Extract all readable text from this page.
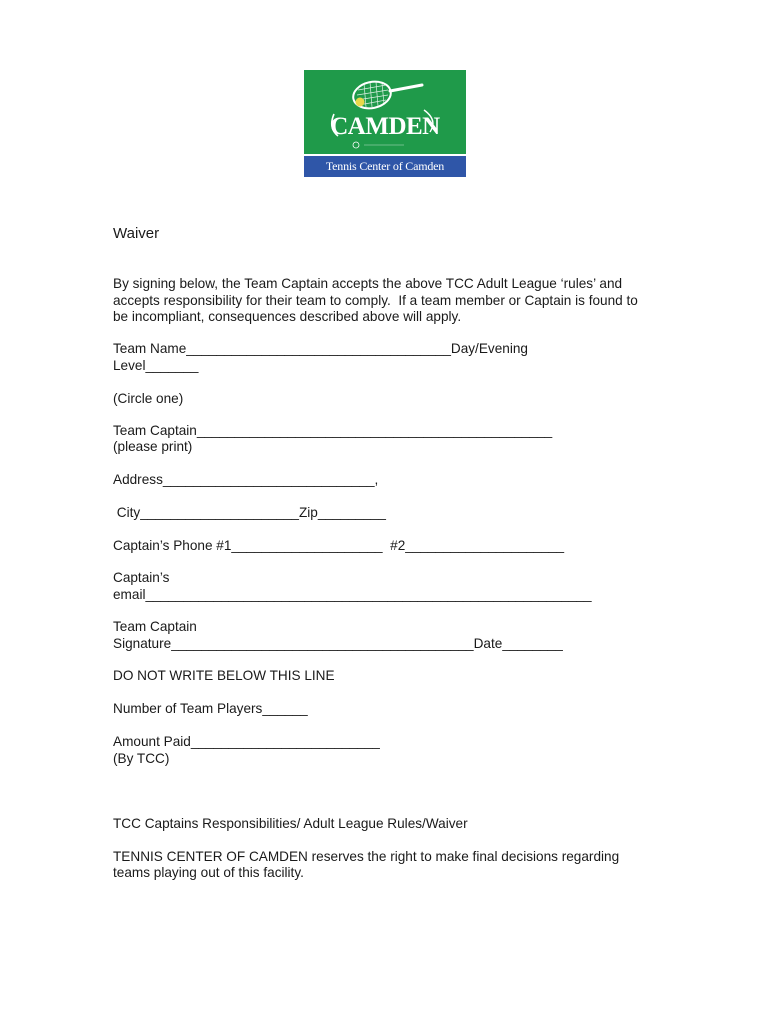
CAMDEN
Tennis Center of Camden

Waiver

By signing below, the Team Captain accepts the above TCC Adult League ‘rules’ and

accepts responsibility for their team to comply.  If a team member or Captain is found to

be incompliant, consequences described above will apply.

Team Name___________________________________Day/Evening

Level_______

(Circle one)

Team Captain_______________________________________________

(please print)

Address____________________________,

City_____________________Zip_________

Captain’s Phone #1____________________  #2_____________________

Captain’s

email___________________________________________________________

Team Captain

Signature________________________________________Date________

DO NOT WRITE BELOW THIS LINE

Number of Team Players______

Amount Paid_________________________

(By TCC)

TCC Captains Responsibilities/ Adult League Rules/Waiver

TENNIS CENTER OF CAMDEN reserves the right to make final decisions regarding

teams playing out of this facility.
